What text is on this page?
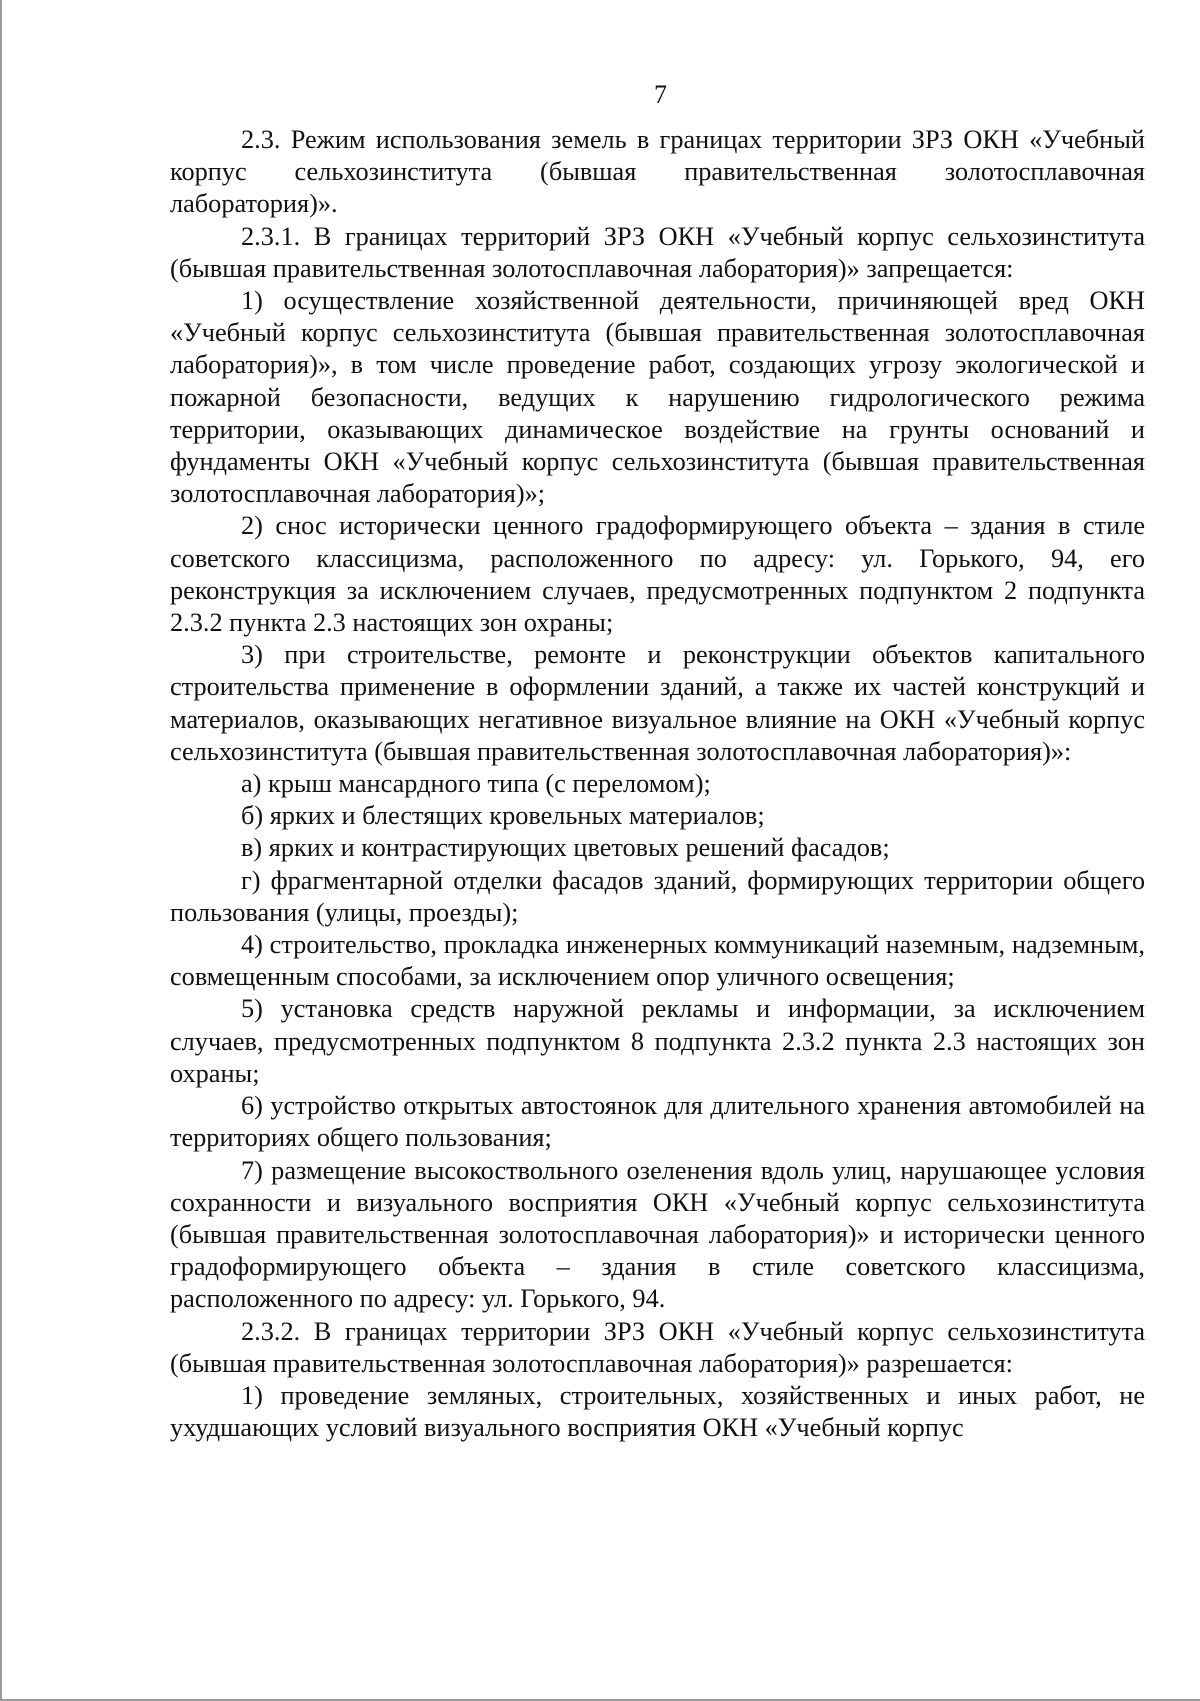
7

2.3. Режим использования земель в границах территории ЗРЗ ОКН «Учебный корпус сельхозинститута (бывшая правительственная золотосплавочная лаборатория)».

2.3.1. В границах территорий ЗРЗ ОКН «Учебный корпус сельхозинститута (бывшая правительственная золотосплавочная лаборатория)» запрещается:

1) осуществление хозяйственной деятельности, причиняющей вред ОКН «Учебный корпус сельхозинститута (бывшая правительственная золотосплавочная лаборатория)», в том числе проведение работ, создающих угрозу экологической и пожарной безопасности, ведущих к нарушению гидрологического режима территории, оказывающих динамическое воздействие на грунты оснований и фундаменты ОКН «Учебный корпус сельхозинститута (бывшая правительственная золотосплавочная лаборатория)»;

2) снос исторически ценного градоформирующего объекта – здания в стиле советского классицизма, расположенного по адресу: ул. Горького, 94, его реконструкция за исключением случаев, предусмотренных подпунктом 2 подпункта 2.3.2 пункта 2.3 настоящих зон охраны;

3) при строительстве, ремонте и реконструкции объектов капитального строительства применение в оформлении зданий, а также их частей конструкций и материалов, оказывающих негативное визуальное влияние на ОКН «Учебный корпус сельхозинститута (бывшая правительственная золотосплавочная лаборатория)»:

а) крыш мансардного типа (с переломом);

б) ярких и блестящих кровельных материалов;

в) ярких и контрастирующих цветовых решений фасадов;

г) фрагментарной отделки фасадов зданий, формирующих территории общего пользования (улицы, проезды);

4) строительство, прокладка инженерных коммуникаций наземным, надземным, совмещенным способами, за исключением опор уличного освещения;

5) установка средств наружной рекламы и информации, за исключением случаев, предусмотренных подпунктом 8 подпункта 2.3.2 пункта 2.3 настоящих зон охраны;

6) устройство открытых автостоянок для длительного хранения автомобилей на территориях общего пользования;

7) размещение высокоствольного озеленения вдоль улиц, нарушающее условия сохранности и визуального восприятия ОКН «Учебный корпус сельхозинститута (бывшая правительственная золотосплавочная лаборатория)» и исторически ценного градоформирующего объекта – здания в стиле советского классицизма, расположенного по адресу: ул. Горького, 94.

2.3.2. В границах территории ЗРЗ ОКН «Учебный корпус сельхозинститута (бывшая правительственная золотосплавочная лаборатория)» разрешается:

1) проведение земляных, строительных, хозяйственных и иных работ, не ухудшающих условий визуального восприятия ОКН «Учебный корпус
